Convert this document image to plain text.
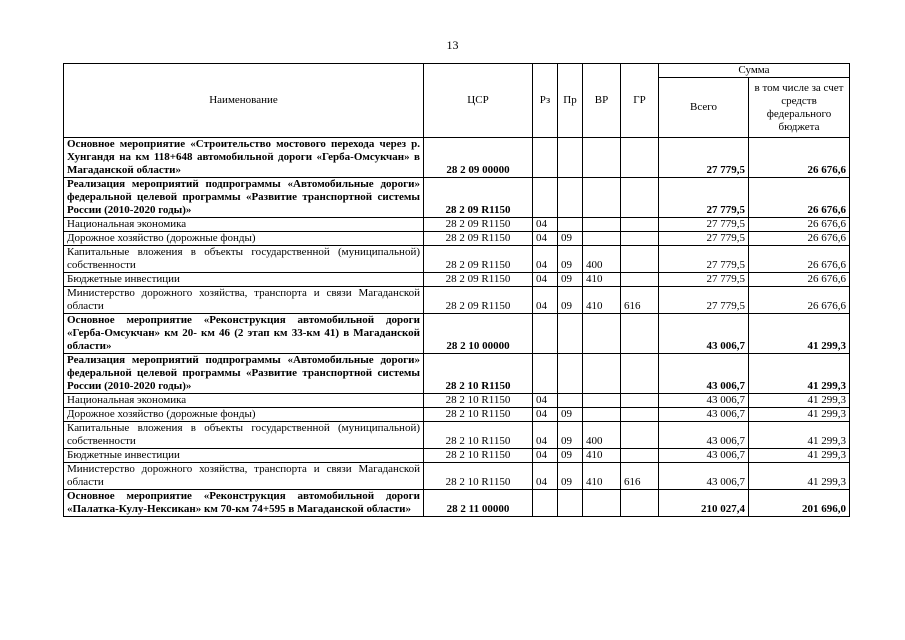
13
Наименование	ЦСР	Рз	Пр	ВР	ГР	Сумма	
						Всего	в том числе за счет средств федерального бюджета
Основное мероприятие «Строительство мостового перехода через р. Хунгандя на км 118+648 автомобильной дороги «Герба-Омсукчан» в Магаданской области»	28 2 09 00000					27 779,5	26 676,6
Реализация мероприятий подпрограммы «Автомобильные дороги» федеральной целевой программы «Развитие транспортной системы России (2010-2020 годы)»	28 2 09 R1150					27 779,5	26 676,6
Национальная экономика	28 2 09 R1150	04				27 779,5	26 676,6
Дорожное хозяйство (дорожные фонды)	28 2 09 R1150	04	09			27 779,5	26 676,6
Капитальные вложения в объекты государственной (муниципальной) собственности	28 2 09 R1150	04	09	400		27 779,5	26 676,6
Бюджетные инвестиции	28 2 09 R1150	04	09	410		27 779,5	26 676,6
Министерство дорожного хозяйства, транспорта и связи Магаданской области	28 2 09 R1150	04	09	410	616	27 779,5	26 676,6
Основное мероприятие «Реконструкция автомобильной дороги «Герба-Омсукчан» км 20- км 46 (2 этап км 33-км 41) в Магаданской области»	28 2 10 00000					43 006,7	41 299,3
Реализация мероприятий подпрограммы «Автомобильные дороги» федеральной целевой программы «Развитие транспортной системы России (2010-2020 годы)»	28 2 10 R1150					43 006,7	41 299,3
Национальная экономика	28 2 10 R1150	04				43 006,7	41 299,3
Дорожное хозяйство (дорожные фонды)	28 2 10 R1150	04	09			43 006,7	41 299,3
Капитальные вложения в объекты государственной (муниципальной) собственности	28 2 10 R1150	04	09	400		43 006,7	41 299,3
Бюджетные инвестиции	28 2 10 R1150	04	09	410		43 006,7	41 299,3
Министерство дорожного хозяйства, транспорта и связи Магаданской области	28 2 10 R1150	04	09	410	616	43 006,7	41 299,3
Основное мероприятие «Реконструкция автомобильной дороги «Палатка-Кулу-Нексикан» км 70-км 74+595 в Магаданской области»	28 2 11 00000					210 027,4	201 696,0
